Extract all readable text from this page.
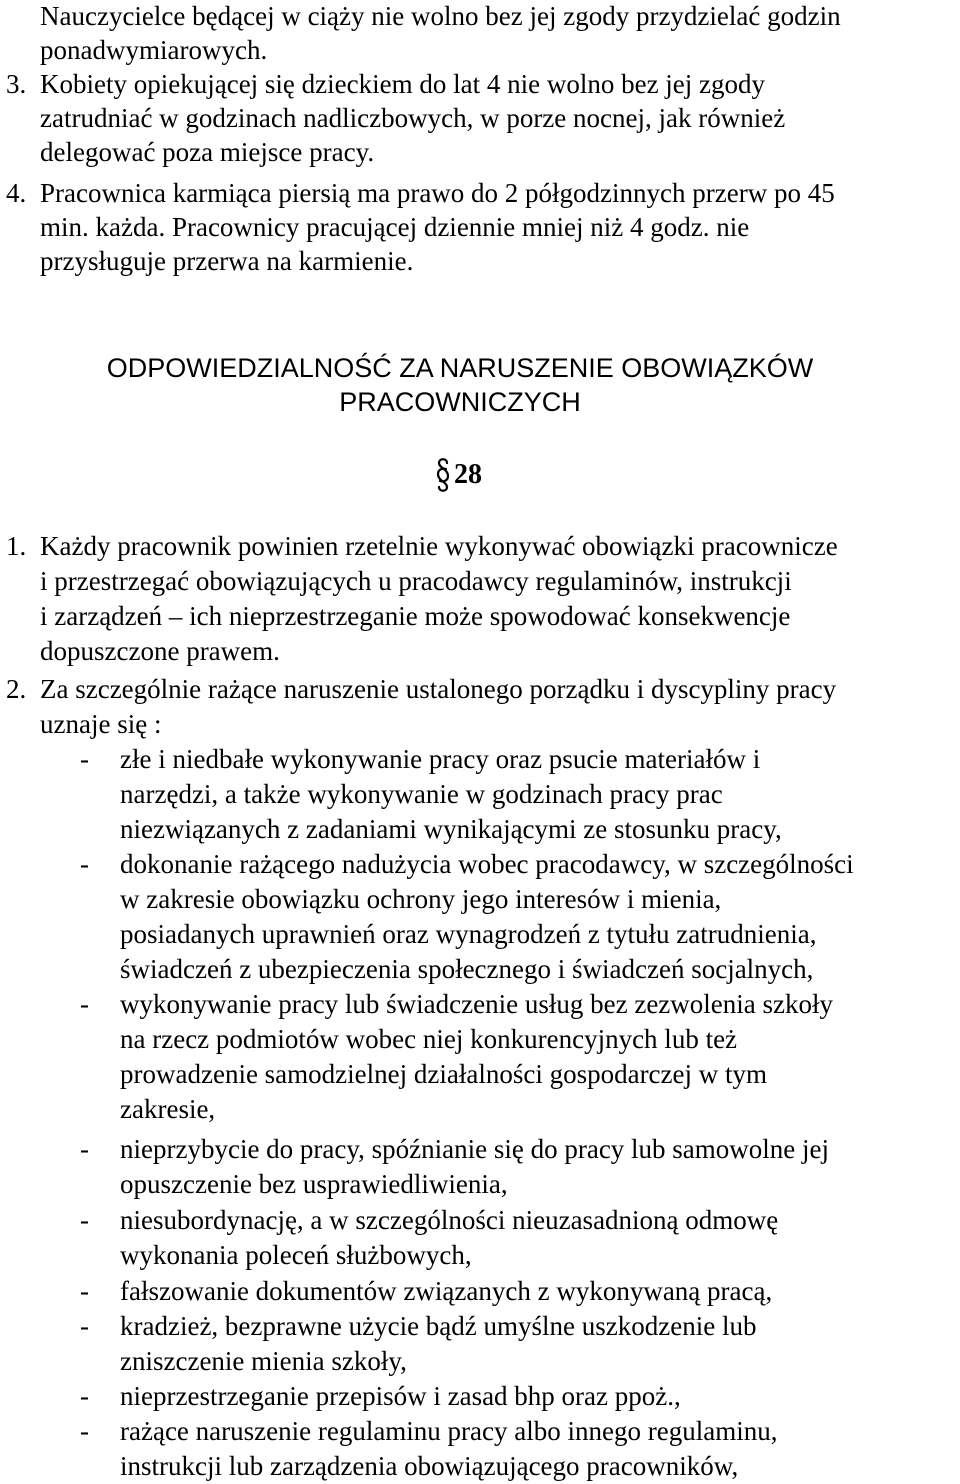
Nauczycielce będącej w ciąży nie wolno bez jej zgody przydzielać godzin
ponadwymiarowych.
3. Kobiety opiekującej się dzieckiem do lat 4 nie wolno bez jej zgody
zatrudniać w godzinach nadliczbowych, w porze nocnej, jak również
delegować poza miejsce pracy.
4. Pracownica karmiąca piersią ma prawo do 2 półgodzinnych przerw po 45
min. każda. Pracownicy pracującej dziennie mniej niż 4 godz. nie
przysługuje przerwa na karmienie.
ODPOWIEDZIALNOŚĆ ZA NARUSZENIE OBOWIĄZKÓW
PRACOWNICZYCH
28
1. Każdy pracownik powinien rzetelnie wykonywać obowiązki pracownicze
i przestrzegać obowiązujących u pracodawcy regulaminów, instrukcji
i zarządzeń – ich nieprzestrzeganie może spowodować konsekwencje
dopuszczone prawem.
2. Za szczególnie rażące naruszenie ustalonego porządku i dyscypliny pracy
uznaje się :
- złe i niedbałe wykonywanie pracy oraz psucie materiałów i
narzędzi, a także wykonywanie w godzinach pracy prac
niezwiązanych z zadaniami wynikającymi ze stosunku pracy,
- dokonanie rażącego nadużycia wobec pracodawcy, w szczególności
w zakresie obowiązku ochrony jego interesów i mienia,
posiadanych uprawnień oraz wynagrodzeń z tytułu zatrudnienia,
świadczeń z ubezpieczenia społecznego i świadczeń socjalnych,
- wykonywanie pracy lub świadczenie usług bez zezwolenia szkoły
na rzecz podmiotów wobec niej konkurencyjnych lub też
prowadzenie samodzielnej działalności gospodarczej w tym
zakresie,
- nieprzybycie do pracy, spóźnianie się do pracy lub samowolne jej
opuszczenie bez usprawiedliwienia,
- niesubordynację, a w szczególności nieuzasadnioną odmowę
wykonania poleceń służbowych,
- fałszowanie dokumentów związanych z wykonywaną pracą,
- kradzież, bezprawne użycie bądź umyślne uszkodzenie lub
zniszczenie mienia szkoły,
- nieprzestrzeganie przepisów i zasad bhp oraz ppoż.,
- rażące naruszenie regulaminu pracy albo innego regulaminu,
instrukcji lub zarządzenia obowiązującego pracowników,
